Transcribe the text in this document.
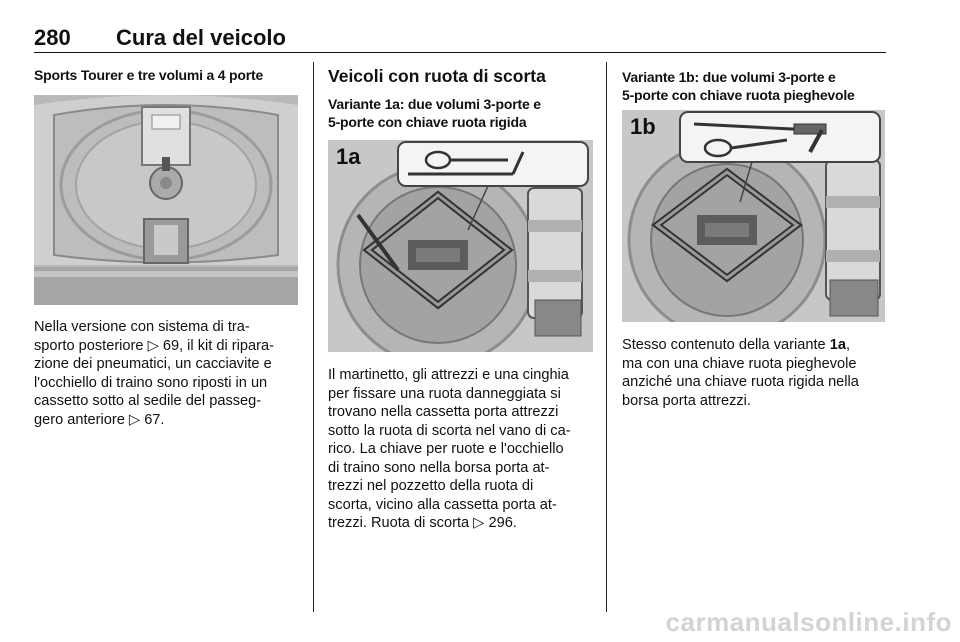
280 Cura del veicolo
Sports Tourer e tre volumi a 4 porte
Nella versione con sistema di tra-
sporto posteriore ▷ 69, il kit di ripara-
zione dei pneumatici, un cacciavite e
l'occhiello di traino sono riposti in un
cassetto sotto al sedile del passeg-
gero anteriore ▷ 67.
Veicoli con ruota di scorta
Variante 1a: due volumi 3-porte e
5-porte con chiave ruota rigida
1a
Il martinetto, gli attrezzi e una cinghia
per fissare una ruota danneggiata si
trovano nella cassetta porta attrezzi
sotto la ruota di scorta nel vano di ca-
rico. La chiave per ruote e l'occhiello
di traino sono nella borsa porta at-
trezzi nel pozzetto della ruota di
scorta, vicino alla cassetta porta at-
trezzi. Ruota di scorta ▷ 296.
Variante 1b: due volumi 3-porte e
5-porte con chiave ruota pieghevole
1b
Stesso contenuto della variante 1a,
ma con una chiave ruota pieghevole
anziché una chiave ruota rigida nella
borsa porta attrezzi.
carmanualsonline.info
